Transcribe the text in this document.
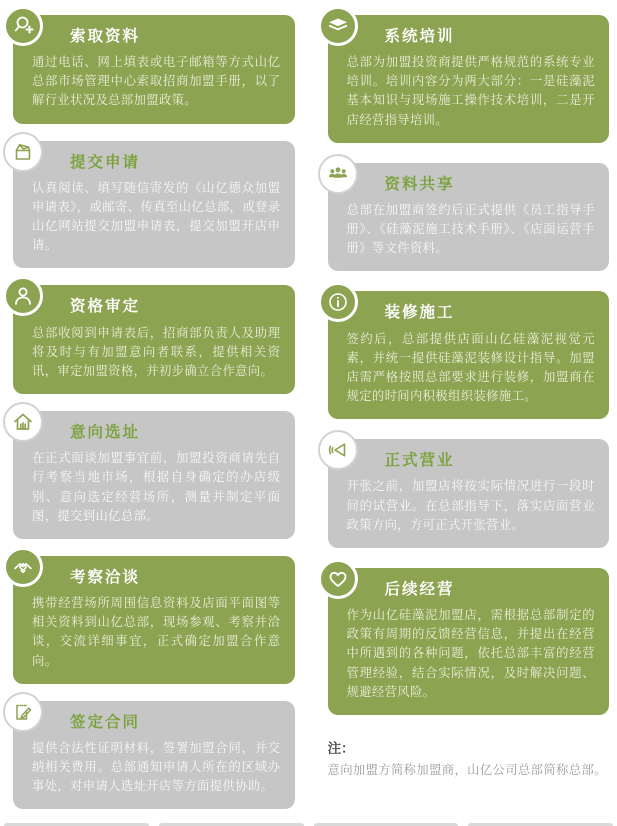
索取资料
通过电话、网上填表或电子邮箱等方式山亿总部市场管理中心索取招商加盟手册，以了解行业状况及总部加盟政策。
提交申请
认真阅读、填写随信寄发的《山亿德众加盟申请表》，或邮寄、传真至山亿总部，或登录山亿网站提交加盟申请表，提交加盟开店申请。
资格审定
总部收阅到申请表后，招商部负责人及助理将及时与有加盟意向者联系，提供相关资讯，审定加盟资格，并初步确立合作意向。
意向选址
在正式面谈加盟事宜前，加盟投资商请先自行考察当地市场，根据自身确定的办店级别、意向选定经营场所，测量并制定平面图，提交到山亿总部。
考察洽谈
携带经营场所周围信息资料及店面平面图等相关资料到山亿总部，现场参观、考察并洽谈，交流详细事宜，正式确定加盟合作意向。
签定合同
提供合法性证明材料，签署加盟合同，并交纳相关费用。总部通知申请人所在的区域办事处，对申请人选址开店等方面提供协助。
系统培训
总部为加盟投资商提供严格规范的系统专业培训。培训内容分为两大部分：一是硅藻泥基本知识与现场施工操作技术培训，二是开店经营指导培训。
资料共享
总部在加盟商签约后正式提供《员工指导手册》、《硅藻泥施工技术手册》、《店面运营手册》等文件资料。
装修施工
签约后，总部提供店面山亿硅藻泥视觉元素，并统一提供硅藻泥装修设计指导。加盟店需严格按照总部要求进行装修，加盟商在规定的时间内积极组织装修施工。
正式营业
开张之前，加盟店将按实际情况进行一段时间的试营业。在总部指导下，落实店面营业政策方向，方可正式开张营业。
后续经营
作为山亿硅藻泥加盟店，需根据总部制定的政策有周期的反馈经营信息，并提出在经营中所遇到的各种问题，依托总部丰富的经营管理经验，结合实际情况，及时解决问题、规避经营风险。
注：
意向加盟方简称加盟商，山亿公司总部简称总部。
